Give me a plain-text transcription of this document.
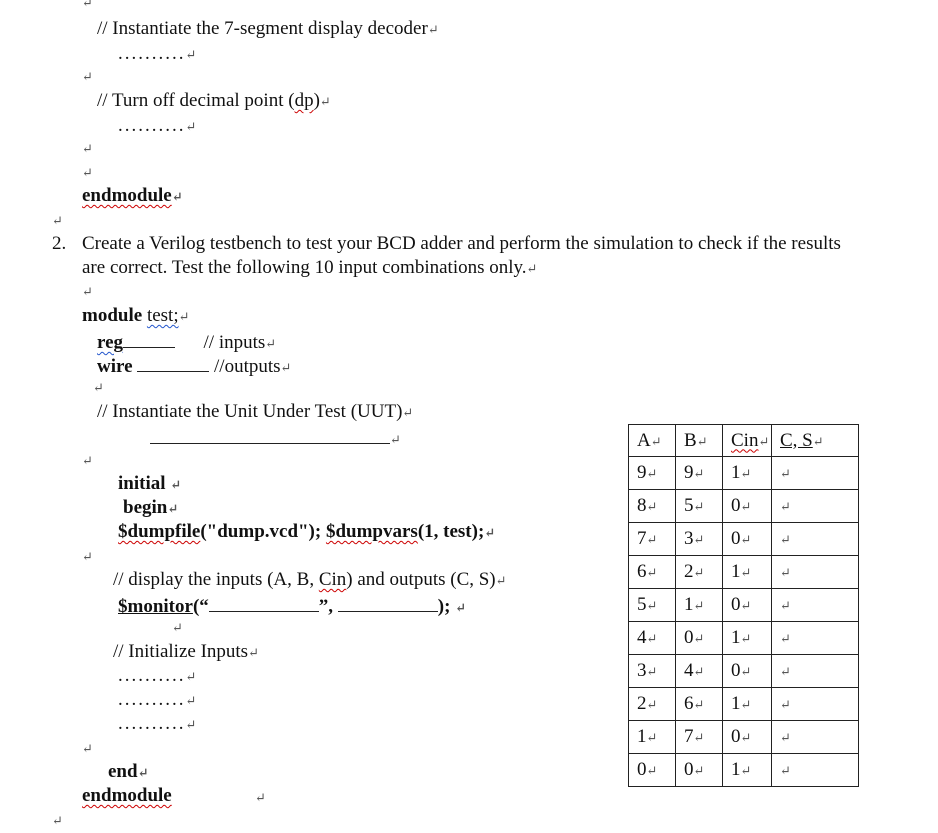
↵
// Instantiate the 7-segment display decoder ↵
.......... ↵
↵
// Turn off decimal point (dp) ↵
.......... ↵
↵
↵
endmodule ↵
↵
2. Create a Verilog testbench to test your BCD adder and perform the simulation to check if the results
are correct. Test the following 10 input combinations only. ↵
↵
module test; ↵
reg	// inputs ↵
wire	//outputs ↵
↵
// Instantiate the Unit Under Test (UUT) ↵
↵
↵
initial  ↵
begin ↵
$dumpfile("dump.vcd"); $dumpvars(1, test); ↵
↵
// display the inputs (A, B, Cin) and outputs (C, S) ↵
$monitor(“	”,	);  ↵
↵
// Initialize Inputs ↵
.......... ↵
.......... ↵
.......... ↵
↵
end ↵
endmodule
↵
↵
A ↵	B ↵	Cin ↵	C, S ↵
9 ↵	9 ↵	1 ↵	↵
8 ↵	5 ↵	0 ↵	↵
7 ↵	3 ↵	0 ↵	↵
6 ↵	2 ↵	1 ↵	↵
5 ↵	1 ↵	0 ↵	↵
4 ↵	0 ↵	1 ↵	↵
3 ↵	4 ↵	0 ↵	↵
2 ↵	6 ↵	1 ↵	↵
1 ↵	7 ↵	0 ↵	↵
0 ↵	0 ↵	1 ↵	↵
